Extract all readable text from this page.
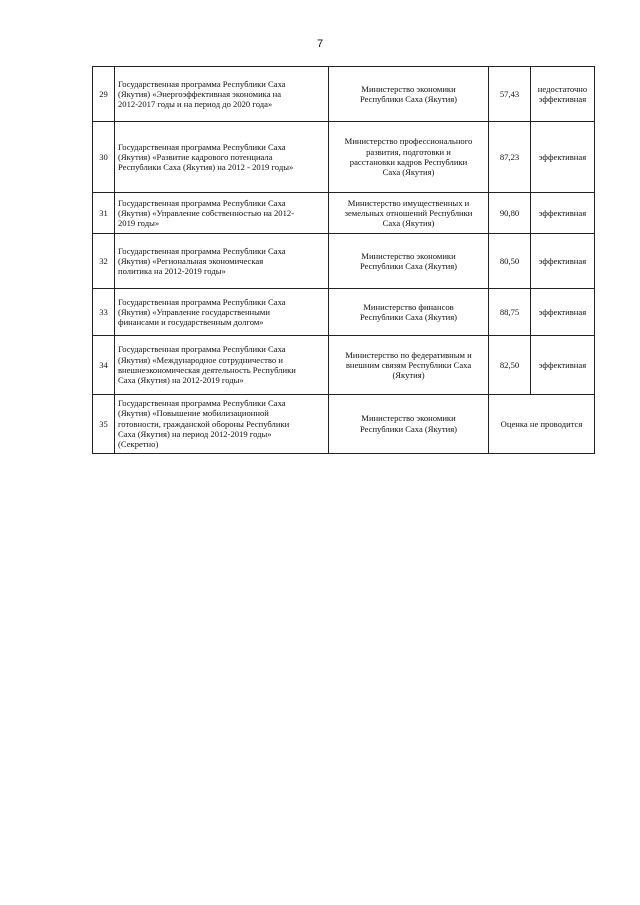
7
29	Государственная программа Республики Саха
(Якутия) «Энергоэффективная экономика на
2012-2017 годы и на период до 2020 года»	Министерство экономики
Республики Саха (Якутия)	57,43	недостаточно
эффективная
30	Государственная программа Республики Саха
(Якутия) «Развитие кадрового потенциала
Республики Саха (Якутия) на 2012 - 2019 годы»	Министерство профессионального
развития, подготовки и
расстановки кадров Республики
Саха (Якутия)	87,23	эффективная
31	Государственная программа Республики Саха
(Якутия) «Управление собственностью на 2012-
2019 годы»	Министерство имущественных и
земельных отношений Республики
Саха (Якутия)	90,80	эффективная
32	Государственная программа Республики Саха
(Якутия) «Региональная экономическая
политика на 2012-2019 годы»	Министерство экономики
Республики Саха (Якутия)	80,50	эффективная
33	Государственная программа Республики Саха
(Якутия) «Управление государственными
финансами и государственным долгом»	Министерство финансов
Республики Саха (Якутия)	88,75	эффективная
34	Государственная программа Республики Саха
(Якутия) «Международное сотрудничество и
внешнеэкономическая деятельность Республики
Саха (Якутия) на 2012-2019 годы»	Министерство по федеративным и
внешним связям Республики Саха
(Якутия)	82,50	эффективная
35	Государственная программа Республики Саха
(Якутия) «Повышение мобилизационной
готовности, гражданской обороны Республики
Саха (Якутия) на период 2012-2019 годы»
(Секретно)	Министерство экономики
Республики Саха (Якутия)	Оценка не проводится	
